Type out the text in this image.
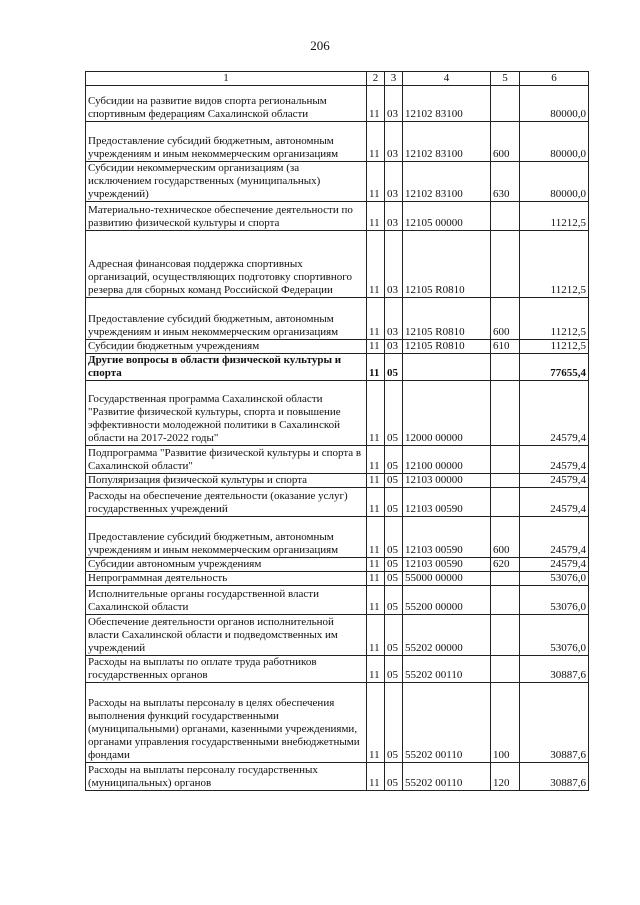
206
1	2	3	4	5	6
Субсидии на развитие видов спорта региональным спортивным федерациям Сахалинской области	11	03	12102 83100		80000,0
Предоставление субсидий бюджетным, автономным учреждениям и иным некоммерческим организациям	11	03	12102 83100	600	80000,0
Субсидии некоммерческим организациям (за исключением государственных (муниципальных) учреждений)	11	03	12102 83100	630	80000,0
Материально-техническое обеспечение деятельности по развитию физической культуры и спорта	11	03	12105 00000		11212,5
Адресная финансовая поддержка спортивных организаций, осуществляющих подготовку спортивного резерва для сборных команд Российской Федерации	11	03	12105 R0810		11212,5
Предоставление субсидий бюджетным, автономным учреждениям и иным некоммерческим организациям	11	03	12105 R0810	600	11212,5
Субсидии бюджетным учреждениям	11	03	12105 R0810	610	11212,5
Другие вопросы в области физической культуры и спорта	11	05			77655,4
Государственная программа Сахалинской области "Развитие физической культуры, спорта и повышение эффективности молодежной политики в Сахалинской области на 2017-2022 годы"	11	05	12000 00000		24579,4
Подпрограмма "Развитие физической культуры и спорта в Сахалинской области"	11	05	12100 00000		24579,4
Популяризация физической культуры и спорта	11	05	12103 00000		24579,4
Расходы на обеспечение деятельности (оказание услуг) государственных учреждений	11	05	12103 00590		24579,4
Предоставление субсидий бюджетным, автономным учреждениям и иным некоммерческим организациям	11	05	12103 00590	600	24579,4
Субсидии автономным учреждениям	11	05	12103 00590	620	24579,4
Непрограммная деятельность	11	05	55000 00000		53076,0
Исполнительные органы государственной власти Сахалинской области	11	05	55200 00000		53076,0
Обеспечение деятельности органов исполнительной власти Сахалинской области и подведомственных им учреждений	11	05	55202 00000		53076,0
Расходы на выплаты по оплате труда работников государственных органов	11	05	55202 00110		30887,6
Расходы на выплаты персоналу в целях обеспечения выполнения функций государственными (муниципальными) органами, казенными учреждениями, органами управления государственными внебюджетными фондами	11	05	55202 00110	100	30887,6
Расходы на выплаты персоналу государственных (муниципальных) органов	11	05	55202 00110	120	30887,6
